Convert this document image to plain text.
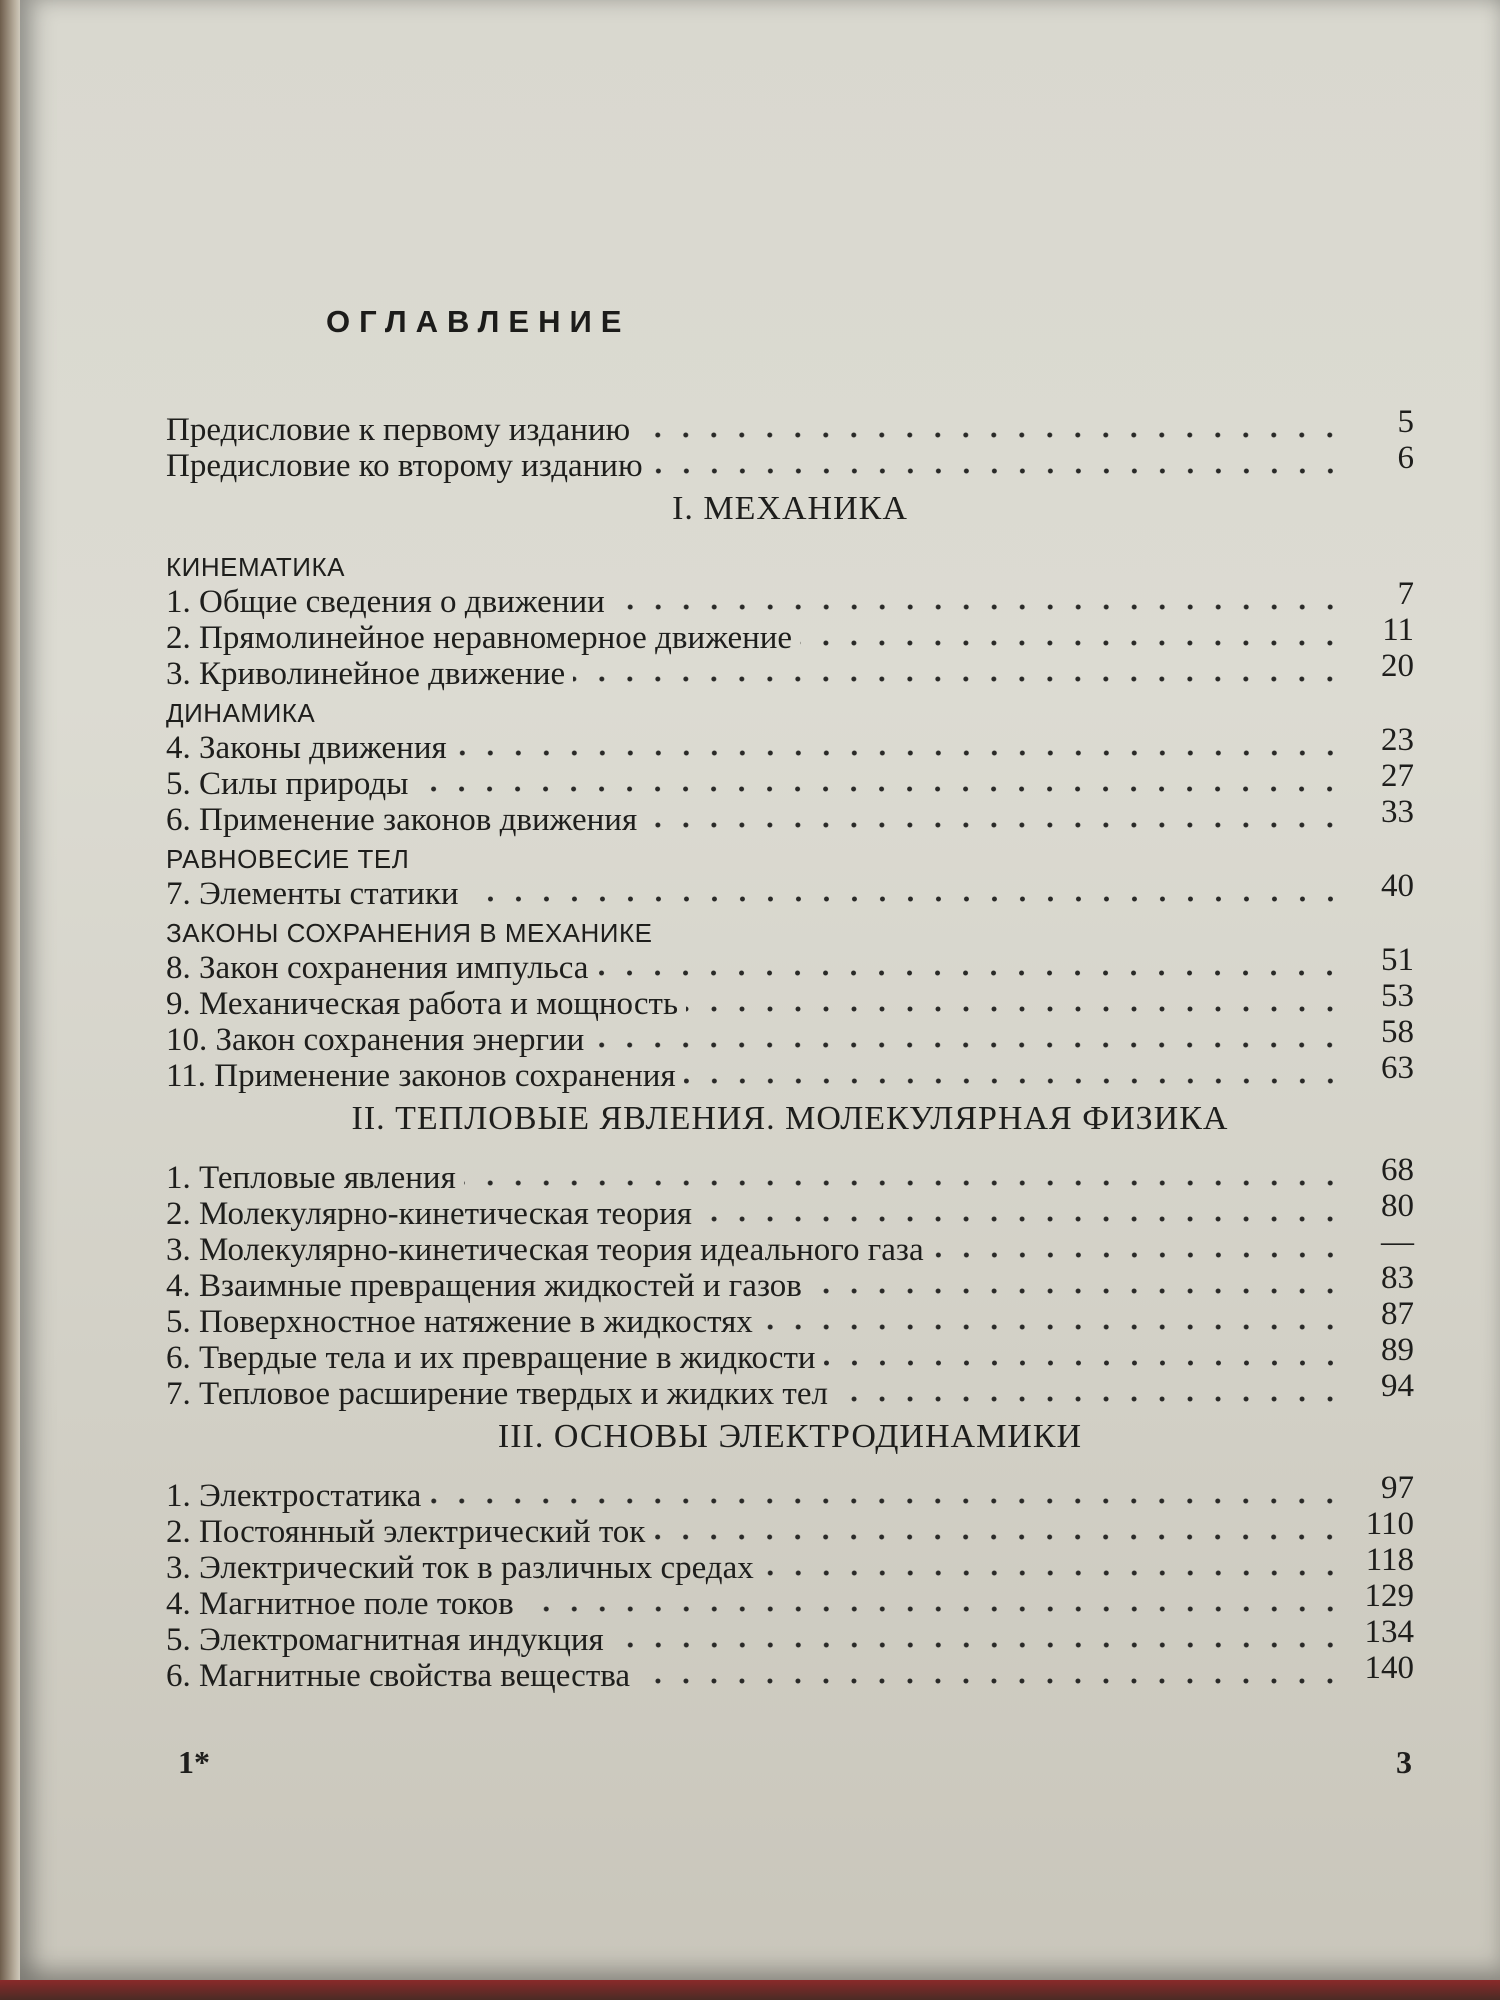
ОГЛАВЛЕНИЕ
Предисловие к первому изданию	5
Предисловие ко второму изданию	6
I. МЕХАНИКА
КИНЕМАТИКА
1. Общие сведения о движении	7
2. Прямолинейное неравномерное движение	11
3. Криволинейное движение	20
ДИНАМИКА
4. Законы движения	23
5. Силы природы	27
6. Применение законов движения	33
РАВНОВЕСИЕ ТЕЛ
7. Элементы статики	40
ЗАКОНЫ СОХРАНЕНИЯ В МЕХАНИКЕ
8. Закон сохранения импульса	51
9. Механическая работа и мощность	53
10. Закон сохранения энергии	58
11. Применение законов сохранения	63
II. ТЕПЛОВЫЕ ЯВЛЕНИЯ. МОЛЕКУЛЯРНАЯ ФИЗИКА
1. Тепловые явления	68
2. Молекулярно-кинетическая теория	80
3. Молекулярно-кинетическая теория идеального газа	—
4. Взаимные превращения жидкостей и газов	83
5. Поверхностное натяжение в жидкостях	87
6. Твердые тела и их превращение в жидкости	89
7. Тепловое расширение твердых и жидких тел	94
III. ОСНОВЫ ЭЛЕКТРОДИНАМИКИ
1. Электростатика	97
2. Постоянный электрический ток	110
3. Электрический ток в различных средах	118
4. Магнитное поле токов	129
5. Электромагнитная индукция	134
6. Магнитные свойства вещества	140
1*	3
